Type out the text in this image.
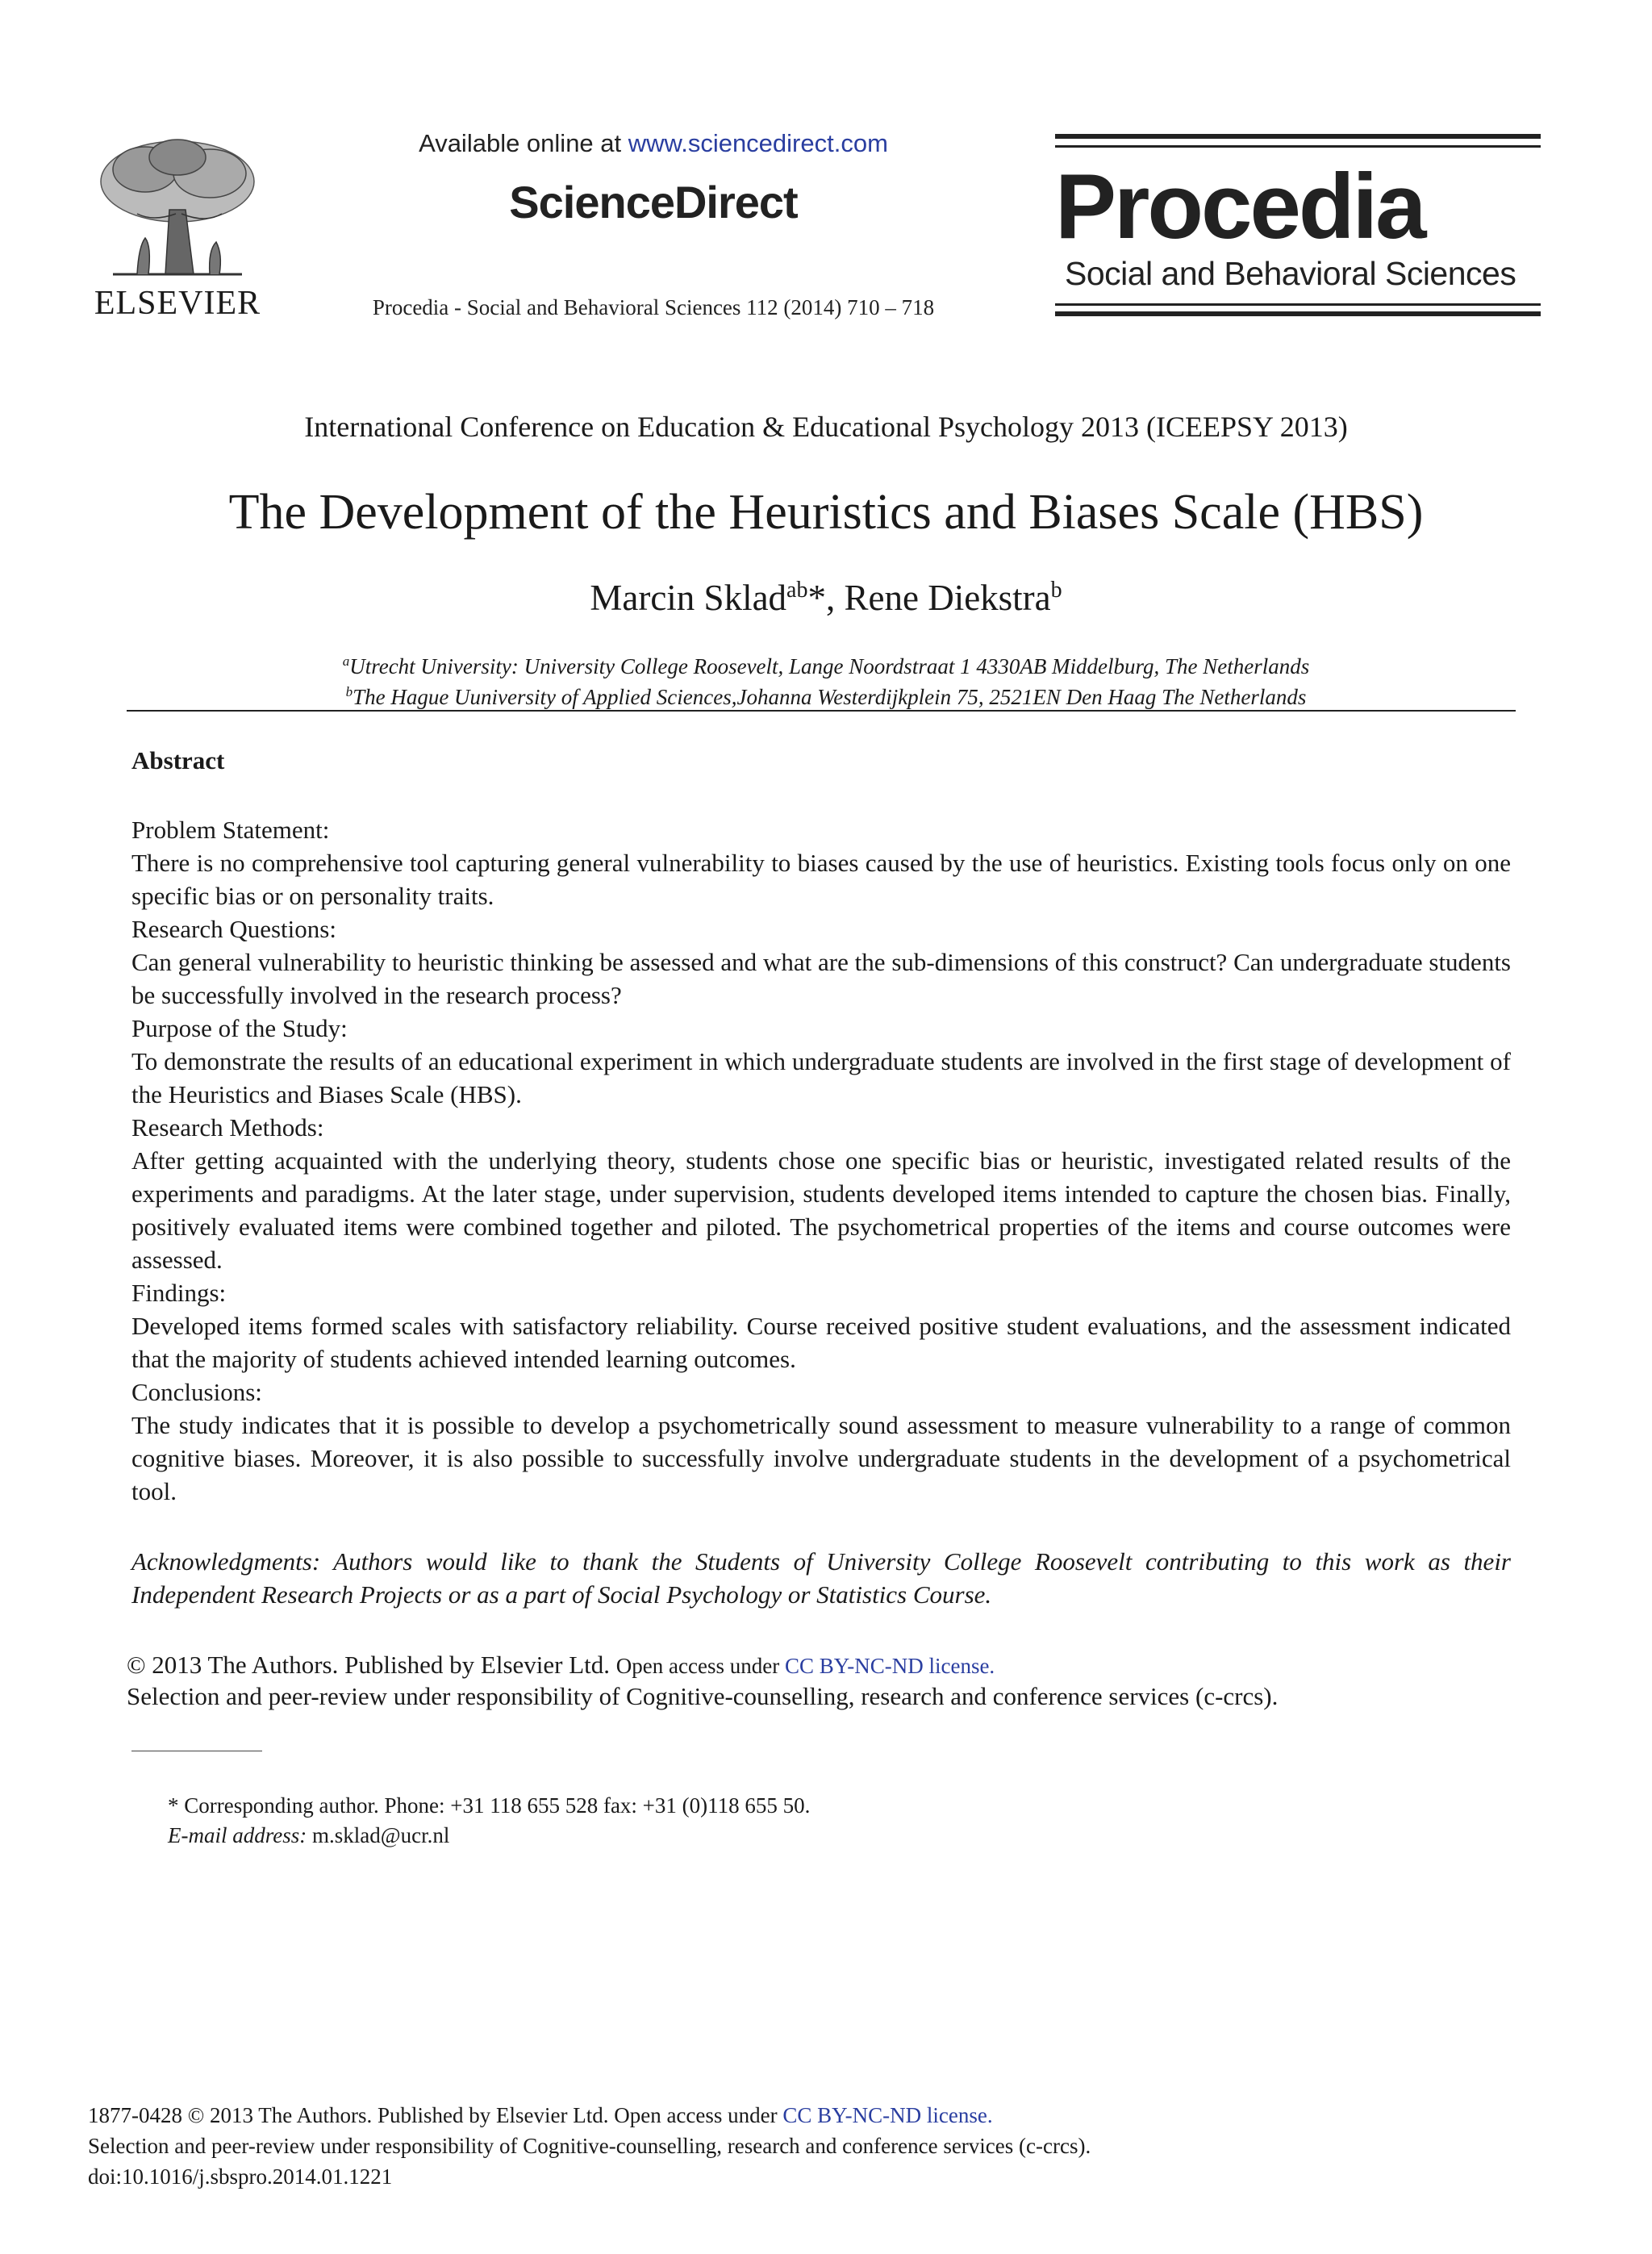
ELSEVIER
Available online at www.sciencedirect.com
ScienceDirect
Procedia - Social and Behavioral Sciences 112 (2014) 710 – 718
Procedia
Social and Behavioral Sciences
International Conference on Education & Educational Psychology 2013 (ICEEPSY 2013)
The Development of the Heuristics and Biases Scale (HBS)
Marcin Sklad$^{ab}$*, Rene Diekstra$^b$
$^a$Utrecht University: University College Roosevelt, Lange Noordstraat 1 4330AB Middelburg, The Netherlands
$^b$The Hague Uuniversity of Applied Sciences,Johanna Westerdijkplein 75, 2521EN Den Haag The Netherlands
Abstract

Problem Statement:

There is no comprehensive tool capturing general vulnerability to biases caused by the use of heuristics. Existing tools focus only on one specific bias or on personality traits.

Research Questions:

Can general vulnerability to heuristic thinking be assessed and what are the sub-dimensions of this construct? Can undergraduate students be successfully involved in the research process?

Purpose of the Study:

To demonstrate the results of an educational experiment in which undergraduate students are involved in the first stage of development of the Heuristics and Biases Scale (HBS).

Research Methods:

After getting acquainted with the underlying theory, students chose one specific bias or heuristic, investigated related results of the experiments and paradigms. At the later stage, under supervision, students developed items intended to capture the chosen bias. Finally, positively evaluated items were combined together and piloted. The psychometrical properties of the items and course outcomes were assessed.

Findings:

Developed items formed scales with satisfactory reliability. Course received positive student evaluations, and the assessment indicated that the majority of students achieved intended learning outcomes.

Conclusions:

The study indicates that it is possible to develop a psychometrically sound assessment to measure vulnerability to a range of common cognitive biases. Moreover, it is also possible to successfully involve undergraduate students in the development of a psychometrical tool.

Acknowledgments: Authors would like to thank the Students of University College Roosevelt contributing to this work as their Independent Research Projects or as a part of Social Psychology or Statistics Course.
© 2013 The Authors. Published by Elsevier Ltd. Open access under CC BY-NC-ND license.
Selection and peer-review under responsibility of Cognitive-counselling, research and conference services (c-crcs).
* Corresponding author. Phone: +31 118 655 528 fax: +31 (0)118 655 50.
E-mail address: m.sklad@ucr.nl
1877-0428 © 2013 The Authors. Published by Elsevier Ltd. Open access under CC BY-NC-ND license.
Selection and peer-review under responsibility of Cognitive-counselling, research and conference services (c-crcs).
doi:10.1016/j.sbspro.2014.01.1221
